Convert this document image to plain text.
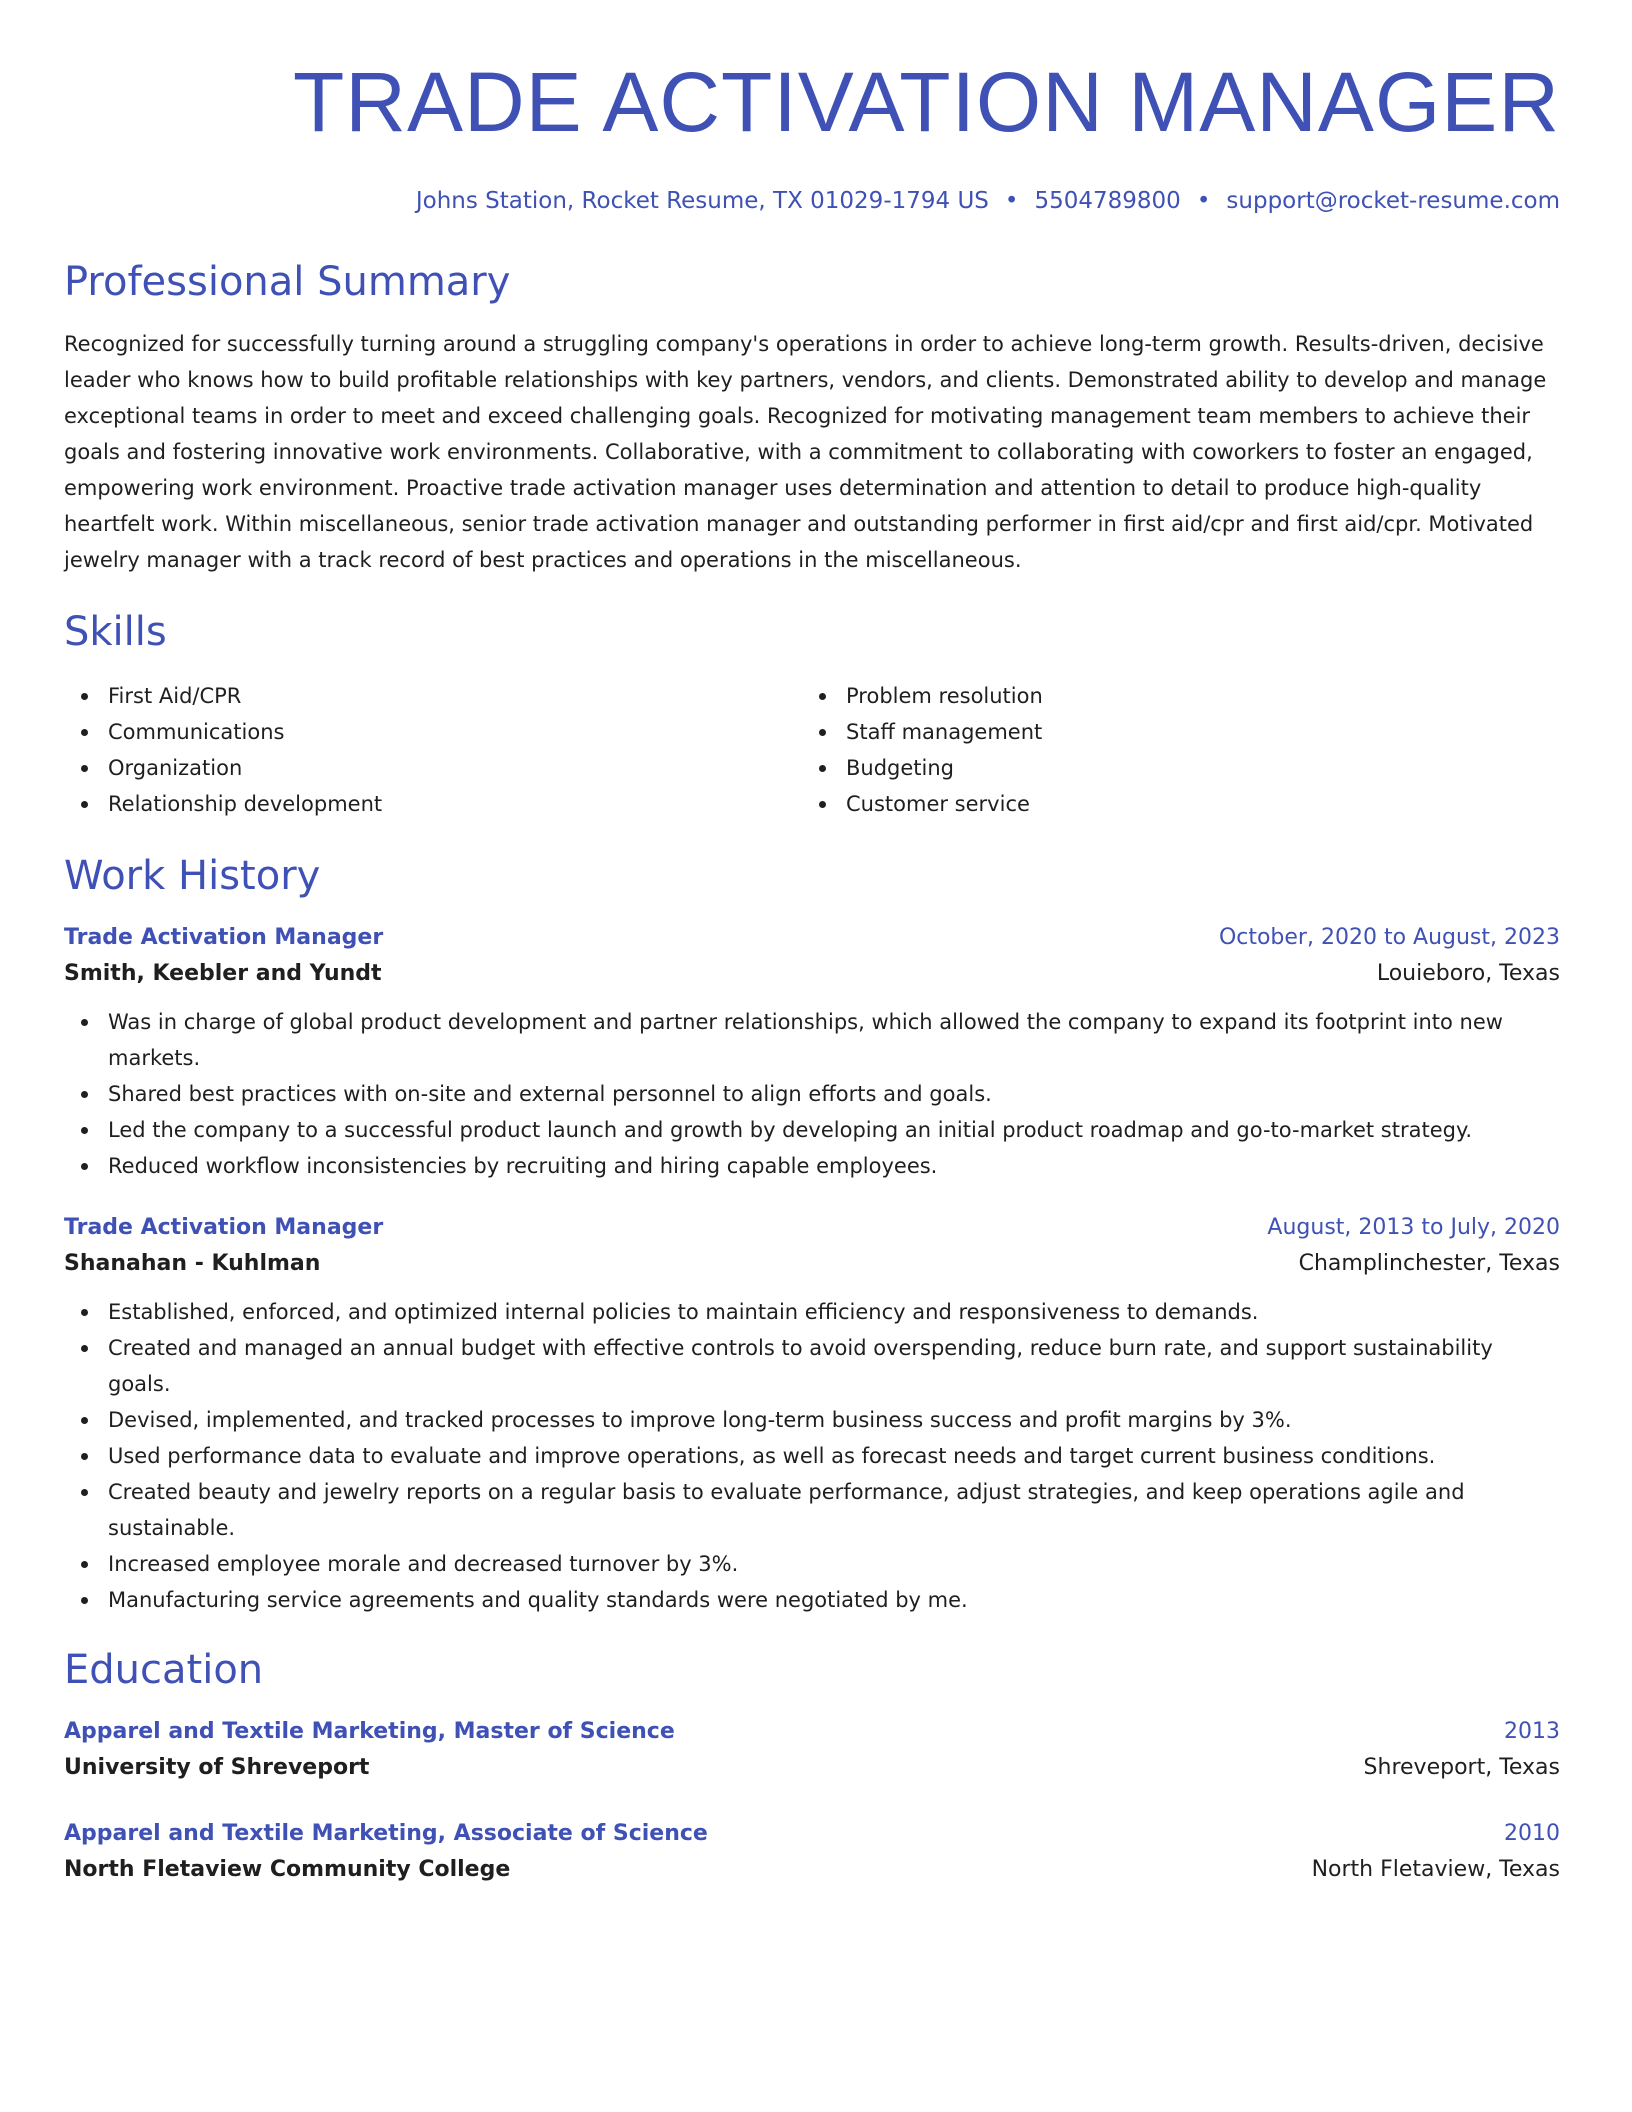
TRADE ACTIVATION MANAGER
Johns Station, Rocket Resume, TX 01029-1794 US • 5504789800 • support@rocket-resume.com
Professional Summary
Recognized for successfully turning around a struggling company's operations in order to achieve long-term growth. Results-driven, decisive leader who knows how to build profitable relationships with key partners, vendors, and clients. Demonstrated ability to develop and manage exceptional teams in order to meet and exceed challenging goals. Recognized for motivating management team members to achieve their goals and fostering innovative work environments. Collaborative, with a commitment to collaborating with coworkers to foster an engaged, empowering work environment. Proactive trade activation manager uses determination and attention to detail to produce high-quality heartfelt work. Within miscellaneous, senior trade activation manager and outstanding performer in first aid/cpr and first aid/cpr. Motivated jewelry manager with a track record of best practices and operations in the miscellaneous.
Skills
First Aid/CPR
Communications
Organization
Relationship development
Problem resolution
Staff management
Budgeting
Customer service
Work History
Trade Activation Manager	October, 2020 to August, 2023
Smith, Keebler and Yundt	Louieboro, Texas
Was in charge of global product development and partner relationships, which allowed the company to expand its footprint into new markets.
Shared best practices with on-site and external personnel to align efforts and goals.
Led the company to a successful product launch and growth by developing an initial product roadmap and go-to-market strategy.
Reduced workflow inconsistencies by recruiting and hiring capable employees.
Trade Activation Manager	August, 2013 to July, 2020
Shanahan - Kuhlman	Champlinchester, Texas
Established, enforced, and optimized internal policies to maintain efficiency and responsiveness to demands.
Created and managed an annual budget with effective controls to avoid overspending, reduce burn rate, and support sustainability goals.
Devised, implemented, and tracked processes to improve long-term business success and profit margins by 3%.
Used performance data to evaluate and improve operations, as well as forecast needs and target current business conditions.
Created beauty and jewelry reports on a regular basis to evaluate performance, adjust strategies, and keep operations agile and sustainable.
Increased employee morale and decreased turnover by 3%.
Manufacturing service agreements and quality standards were negotiated by me.
Education
Apparel and Textile Marketing, Master of Science	2013
University of Shreveport	Shreveport, Texas
Apparel and Textile Marketing, Associate of Science	2010
North Fletaview Community College	North Fletaview, Texas
